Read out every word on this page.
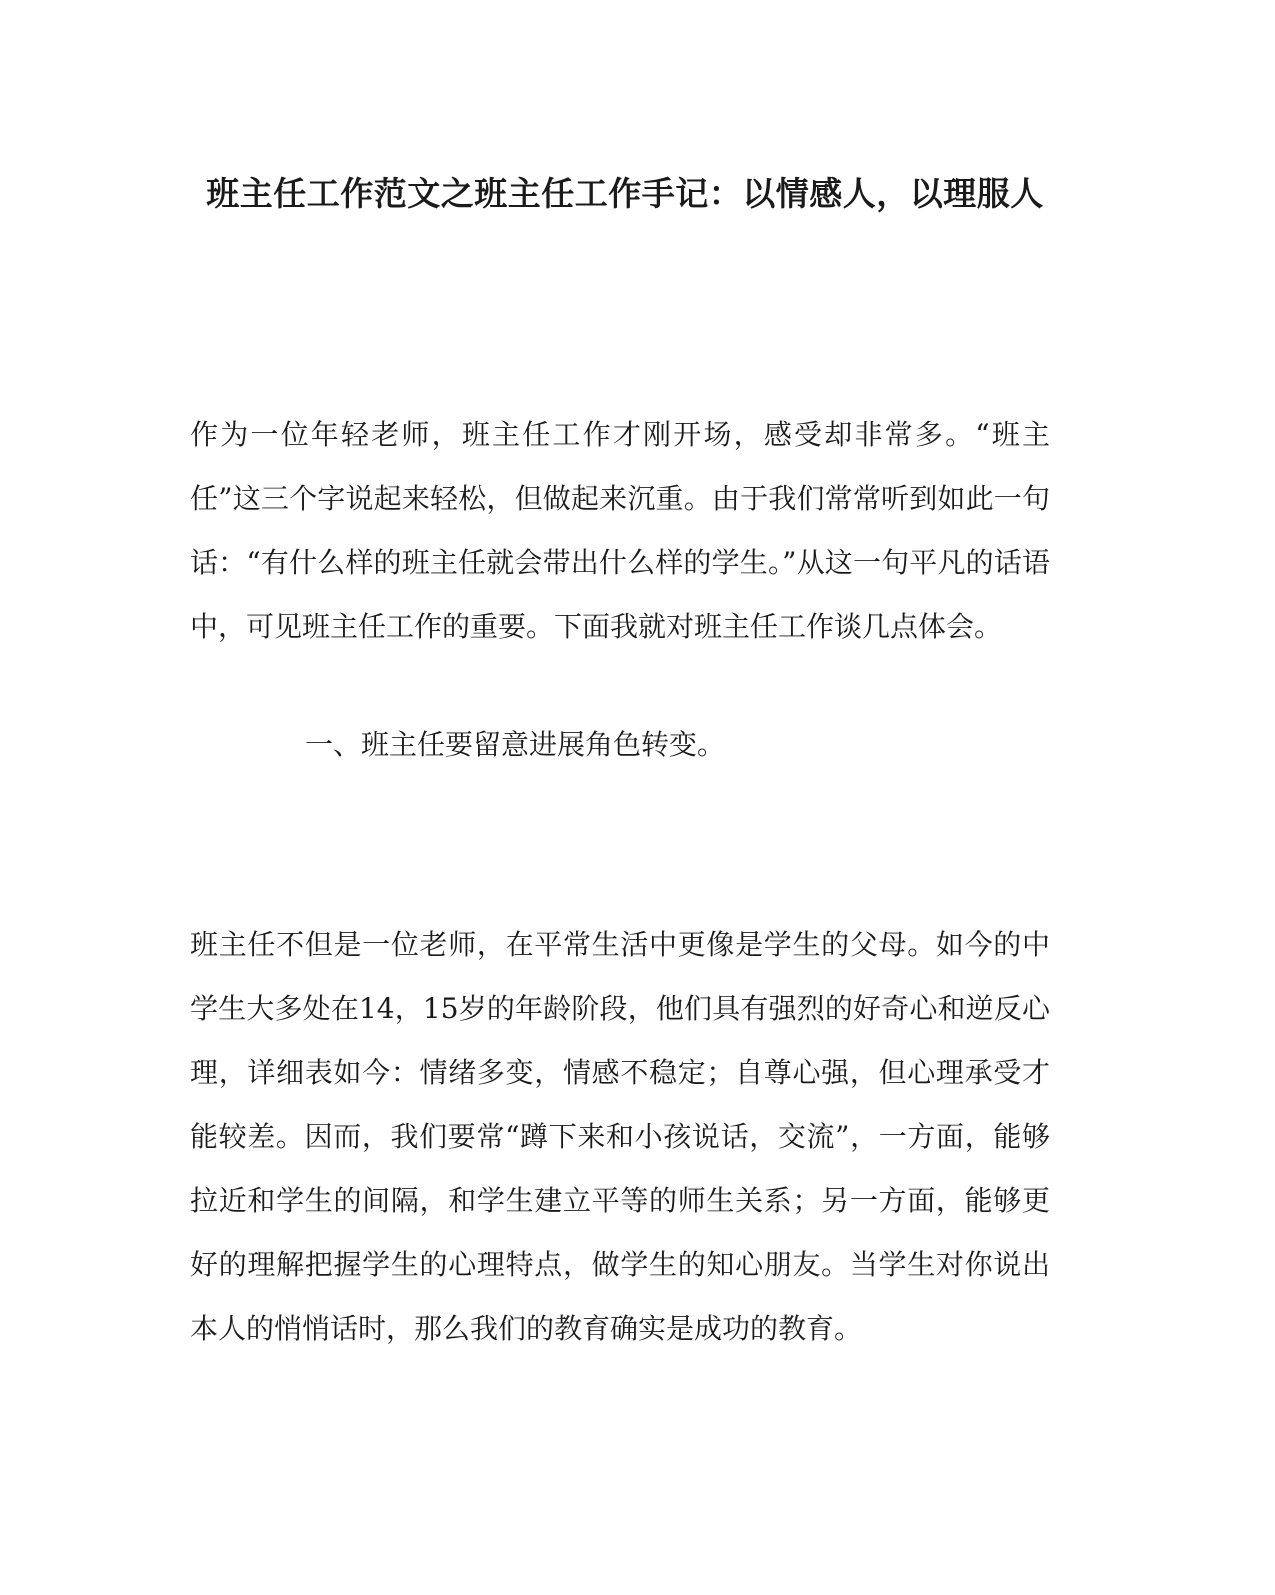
班主任工作范文之班主任工作手记：以情感人，以理服人

作为一位年轻老师，班主任工作才刚开场，感受却非常多。“班主任”这三个字说起来轻松，但做起来沉重。由于我们常常听到如此一句话：“有什么样的班主任就会带出什么样的学生。”从这一句平凡的话语中，可见班主任工作的重要。下面我就对班主任工作谈几点体会。

一、班主任要留意进展角色转变。

班主任不但是一位老师，在平常生活中更像是学生的父母。如今的中学生大多处在14，15岁的年龄阶段，他们具有强烈的好奇心和逆反心理，详细表如今：情绪多变，情感不稳定；自尊心强，但心理承受才能较差。因而，我们要常“蹲下来和小孩说话，交流”，一方面，能够拉近和学生的间隔，和学生建立平等的师生关系；另一方面，能够更好的理解把握学生的心理特点，做学生的知心朋友。当学生对你说出本人的悄悄话时，那么我们的教育确实是成功的教育。
